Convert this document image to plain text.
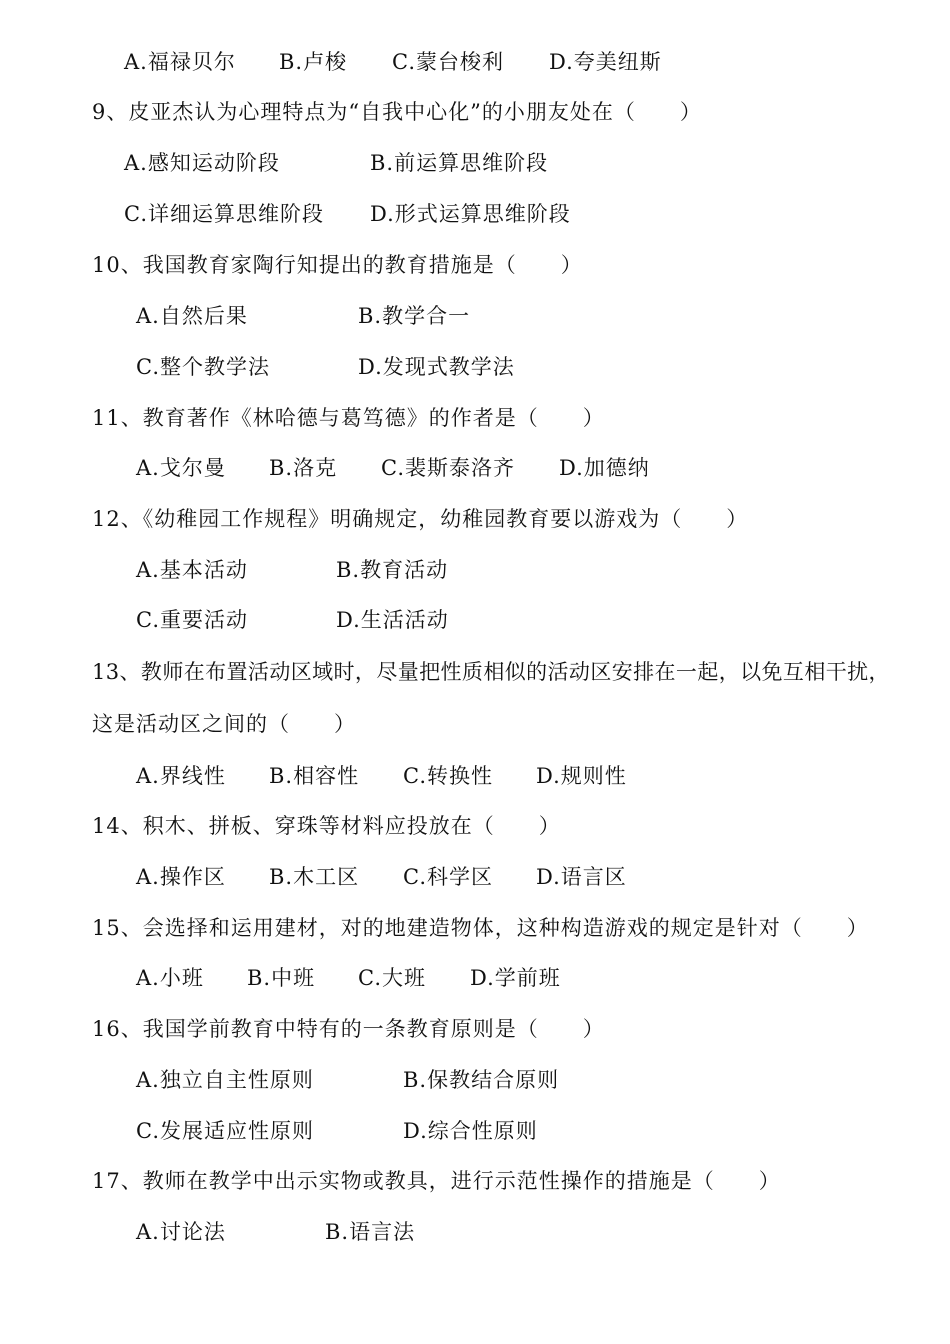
A.福禄贝尔 B.卢梭 C.蒙台梭利 D.夸美纽斯
9、皮亚杰认为心理特点为“自我中心化”的小朋友处在（　　）
A.感知运动阶段	B.前运算思维阶段
C.详细运算思维阶段 D.形式运算思维阶段
10、我国教育家陶行知提出的教育措施是（　　）
A.自然后果	B.教学合一
C.整个教学法	D.发现式教学法
11、教育著作《林哈德与葛笃德》的作者是（　　）
A.戈尔曼 B.洛克 C.裴斯泰洛齐 D.加德纳
12、《幼稚园工作规程》明确规定，幼稚园教育要以游戏为（　　）
A.基本活动	B.教育活动
C.重要活动	D.生活活动
13、教师在布置活动区域时，尽量把性质相似的活动区安排在一起，以免互相干扰，
这是活动区之间的（　　）
A.界线性 B.相容性 C.转换性 D.规则性
14、积木、拼板、穿珠等材料应投放在（　　）
A.操作区 B.木工区 C.科学区 D.语言区
15、会选择和运用建材，对的地建造物体，这种构造游戏的规定是针对（　　）
A.小班 B.中班 C.大班 D.学前班
16、我国学前教育中特有的一条教育原则是（　　）
A.独立自主性原则	B.保教结合原则
C.发展适应性原则	D.综合性原则
17、教师在教学中出示实物或教具，进行示范性操作的措施是（　　）
A.讨论法	B.语言法
